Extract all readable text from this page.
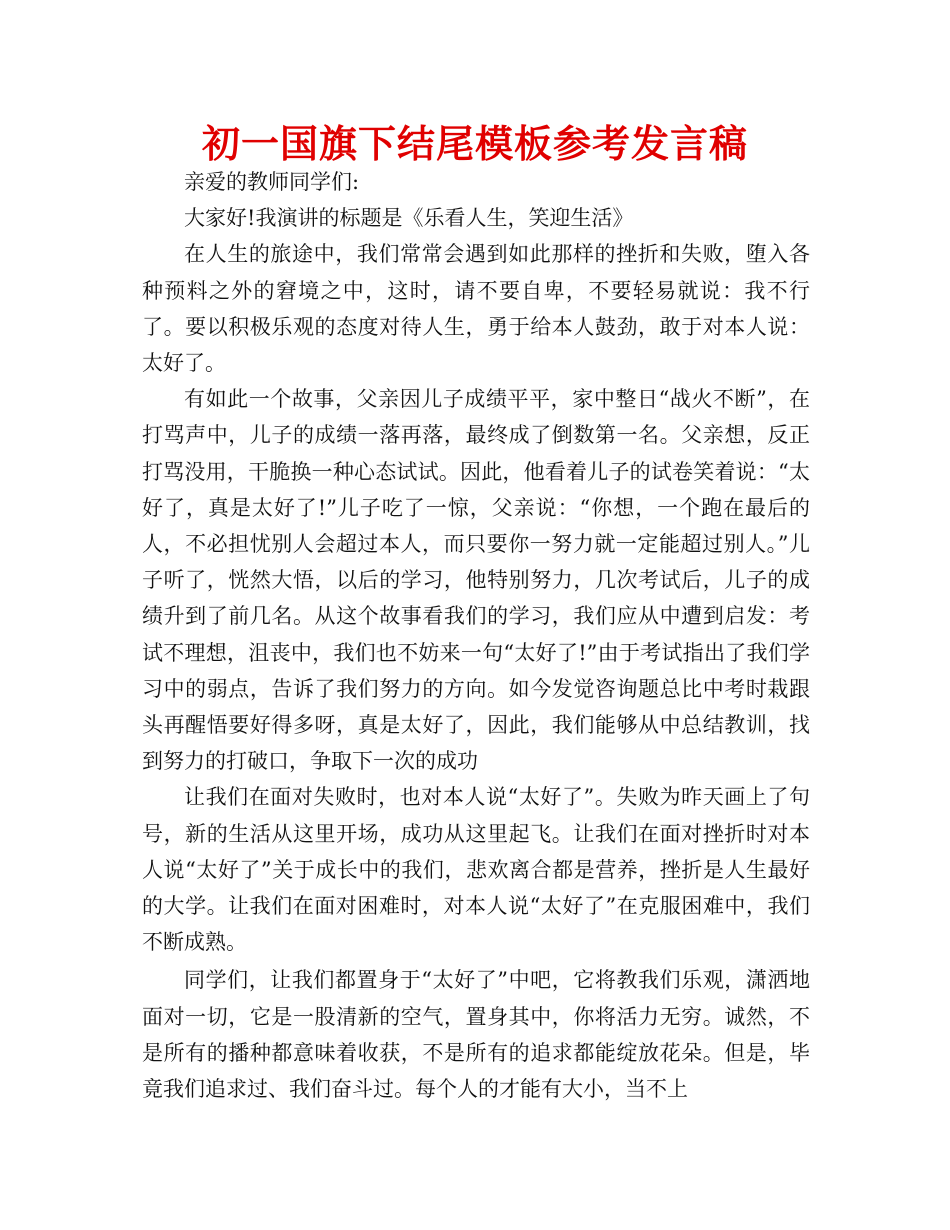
初一国旗下结尾模板参考发言稿

亲爱的教师同学们:

大家好!我演讲的标题是《乐看人生，笑迎生活》

在人生的旅途中，我们常常会遇到如此那样的挫折和失败，堕入各种预料之外的窘境之中，这时，请不要自卑，不要轻易就说：我不行了。要以积极乐观的态度对待人生，勇于给本人鼓劲，敢于对本人说：太好了。

有如此一个故事，父亲因儿子成绩平平，家中整日“战火不断”，在打骂声中，儿子的成绩一落再落，最终成了倒数第一名。父亲想，反正打骂没用，干脆换一种心态试试。因此，他看着儿子的试卷笑着说：“太好了，真是太好了!”儿子吃了一惊，父亲说：“你想，一个跑在最后的人，不必担忧别人会超过本人，而只要你一努力就一定能超过别人。”儿子听了，恍然大悟，以后的学习，他特别努力，几次考试后，儿子的成绩升到了前几名。从这个故事看我们的学习，我们应从中遭到启发：考试不理想，沮丧中，我们也不妨来一句“太好了!”由于考试指出了我们学习中的弱点，告诉了我们努力的方向。如今发觉咨询题总比中考时栽跟头再醒悟要好得多呀，真是太好了，因此，我们能够从中总结教训，找到努力的打破口，争取下一次的成功

让我们在面对失败时，也对本人说“太好了”。失败为昨天画上了句号，新的生活从这里开场，成功从这里起飞。让我们在面对挫折时对本人说“太好了”关于成长中的我们，悲欢离合都是营养，挫折是人生最好的大学。让我们在面对困难时，对本人说“太好了”在克服困难中，我们不断成熟。

同学们，让我们都置身于“太好了”中吧，它将教我们乐观，潇洒地面对一切，它是一股清新的空气，置身其中，你将活力无穷。诚然，不是所有的播种都意味着收获，不是所有的追求都能绽放花朵。但是，毕竟我们追求过、我们奋斗过。每个人的才能有大小，当不上
